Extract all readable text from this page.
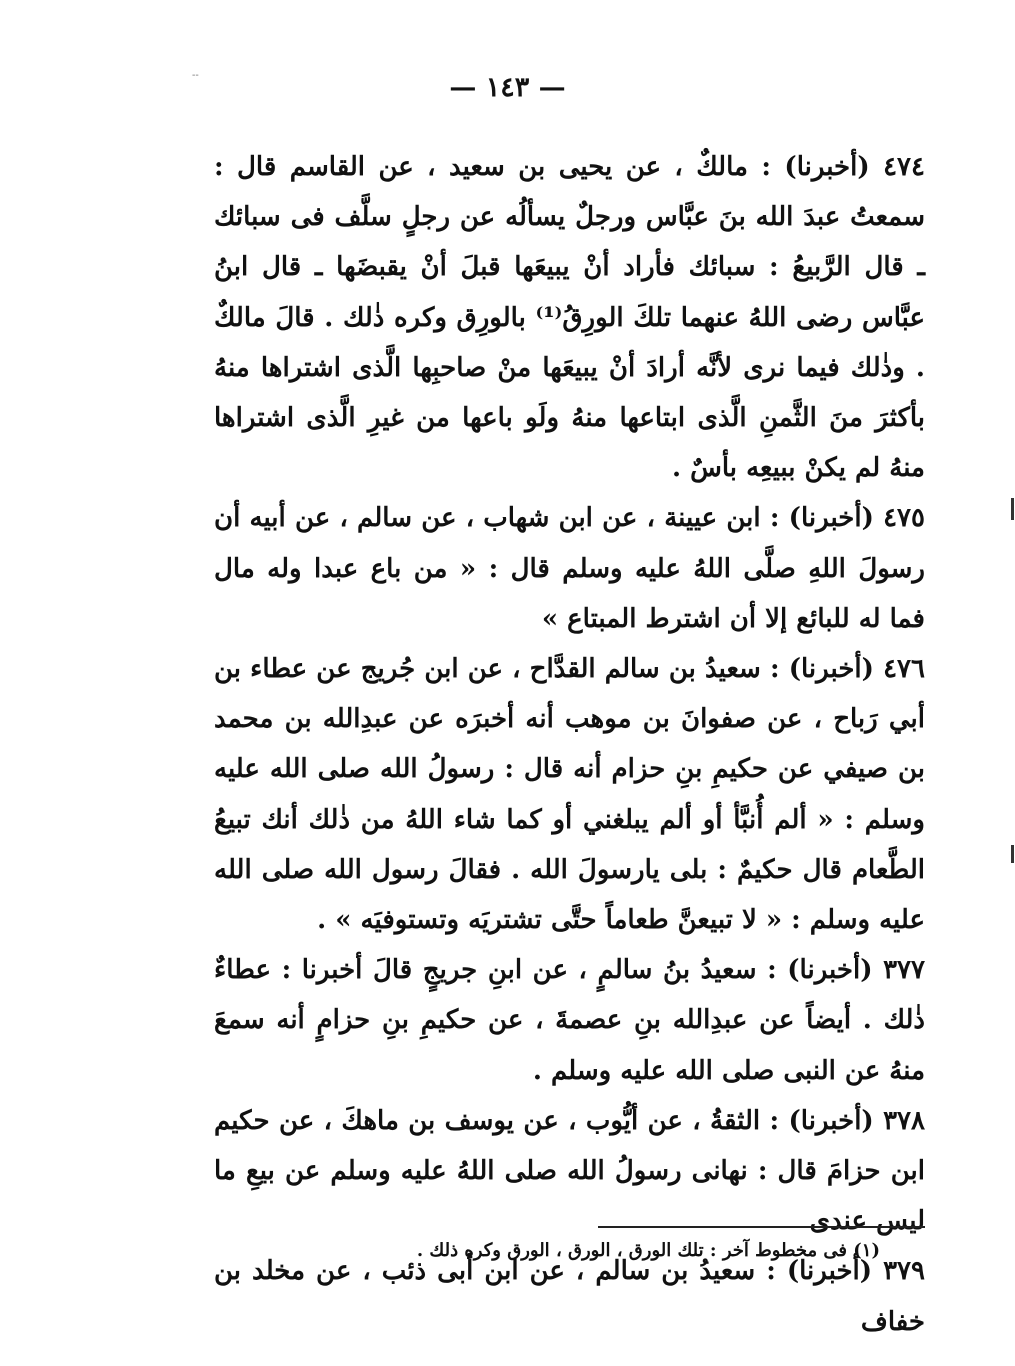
--	— ١٤٣ —

٤٧٤ (أخبرنا) : مالكٌ ، عن يحيى بن سعيد ، عن القاسم قال : سمعتُ عبدَ الله بنَ عبَّاس ورجلٌ يسألُه عن رجلٍ سلَّف فى سبائك ـ قال الرَّبيعُ : سبائك فأراد أنْ يبيعَها قبلَ أنْ يقبضَها ـ قال ابنُ عبَّاس رضى اللهُ عنهما تلكَ الورِقُ⁽¹⁾ بالورِق وكره ذٰلك . قالَ مالكٌ . وذٰلك فيما نرى لأنَّه أرادَ أنْ يبيعَها منْ صاحبِها الَّذى اشتراها منهُ بأكثرَ منَ الثَّمنِ الَّذى ابتاعها منهُ ولَو باعها من غيرِ الَّذى اشتراها منهُ لم يكنْ ببيعِه بأسٌ .

٤٧٥ (أخبرنا) : ابن عيينة ، عن ابن شهاب ، عن سالم ، عن أبيه أن رسولَ اللهِ صلَّى اللهُ عليه وسلم قال : « من باع عبدا وله مال فما له للبائع إلا أن اشترط المبتاع »

٤٧٦ (أخبرنا) : سعيدُ بن سالم القدَّاح ، عن ابن جُريج عن عطاء بن أبي رَباح ، عن صفوانَ بن موهب أنه أخبرَه عن عبدِالله بن محمد بن صيفي عن حكيمِ بنِ حزام أنه قال : رسولُ الله صلى الله عليه وسلم : « ألم أُنبَّأ أو ألم يبلغني أو كما شاء اللهُ من ذٰلك أنك تبيعُ الطَّعام قال حكيمٌ : بلى يارسولَ الله . فقالَ رسول الله صلى الله عليه وسلم : « لا تبيعنَّ طعاماً حتَّى تشتريَه وتستوفيَه » .

٣٧٧ (أخبرنا) : سعيدُ بنُ سالمٍ ، عن ابنِ جريجٍ قالَ أخبرنا : عطاءٌ ذٰلك . أيضاً عن عبدِالله بنِ عصمةَ ، عن حكيمِ بنِ حزامٍ أنه سمعَ منهُ عن النبى صلى الله عليه وسلم .

٣٧٨ (أخبرنا) : الثقةُ ، عن أيُّوب ، عن يوسف بن ماهكَ ، عن حكيم ابن حزامَ قال : نهانى رسولُ الله صلى اللهُ عليه وسلم عن بيعِ ما ليس عندى

٣٧٩ (أخبرنا) : سعيدُ بن سالم ، عن ابن أبى ذئب ، عن مخلد بن خفاف

(١) فى مخطوط آخر : تلك الورق ، الورق ، الورق وكره ذلك .
